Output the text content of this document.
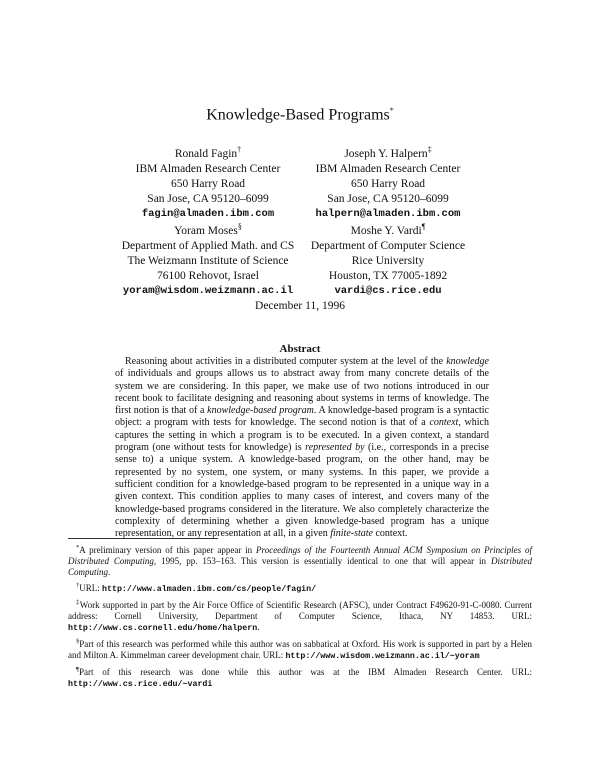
Knowledge-Based Programs*
Ronald Fagin†
IBM Almaden Research Center
650 Harry Road
San Jose, CA 95120–6099
fagin@almaden.ibm.com
Joseph Y. Halpern‡
IBM Almaden Research Center
650 Harry Road
San Jose, CA 95120–6099
halpern@almaden.ibm.com
Yoram Moses§
Department of Applied Math. and CS
The Weizmann Institute of Science
76100 Rehovot, Israel
yoram@wisdom.weizmann.ac.il
Moshe Y. Vardi¶
Department of Computer Science
Rice University
Houston, TX 77005-1892
vardi@cs.rice.edu
December 11, 1996
Abstract

Reasoning about activities in a distributed computer system at the level of the knowledge of individuals and groups allows us to abstract away from many concrete details of the system we are considering. In this paper, we make use of two notions introduced in our recent book to facilitate designing and reasoning about systems in terms of knowledge. The first notion is that of a knowledge-based program. A knowledge-based program is a syntactic object: a program with tests for knowledge. The second notion is that of a context, which captures the setting in which a program is to be executed. In a given context, a standard program (one without tests for knowledge) is represented by (i.e., corresponds in a precise sense to) a unique system. A knowledge-based program, on the other hand, may be represented by no system, one system, or many systems. In this paper, we provide a sufficient condition for a knowledge-based program to be represented in a unique way in a given context. This condition applies to many cases of interest, and covers many of the knowledge-based programs considered in the literature. We also completely characterize the complexity of determining whether a given knowledge-based program has a unique representation, or any representation at all, in a given finite-state context.

*A preliminary version of this paper appear in Proceedings of the Fourteenth Annual ACM Symposium on Principles of Distributed Computing, 1995, pp. 153–163. This version is essentially identical to one that will appear in Distributed Computing.

†URL: http://www.almaden.ibm.com/cs/people/fagin/

‡Work supported in part by the Air Force Office of Scientific Research (AFSC), under Contract F49620-91-C-0080. Current address: Cornell University, Department of Computer Science, Ithaca, NY 14853. URL: http://www.cs.cornell.edu/home/halpern.

§Part of this research was performed while this author was on sabbatical at Oxford. His work is supported in part by a Helen and Milton A. Kimmelman career development chair. URL: http://www.wisdom.weizmann.ac.il/~yoram

¶Part of this research was done while this author was at the IBM Almaden Research Center. URL: http://www.cs.rice.edu/~vardi
